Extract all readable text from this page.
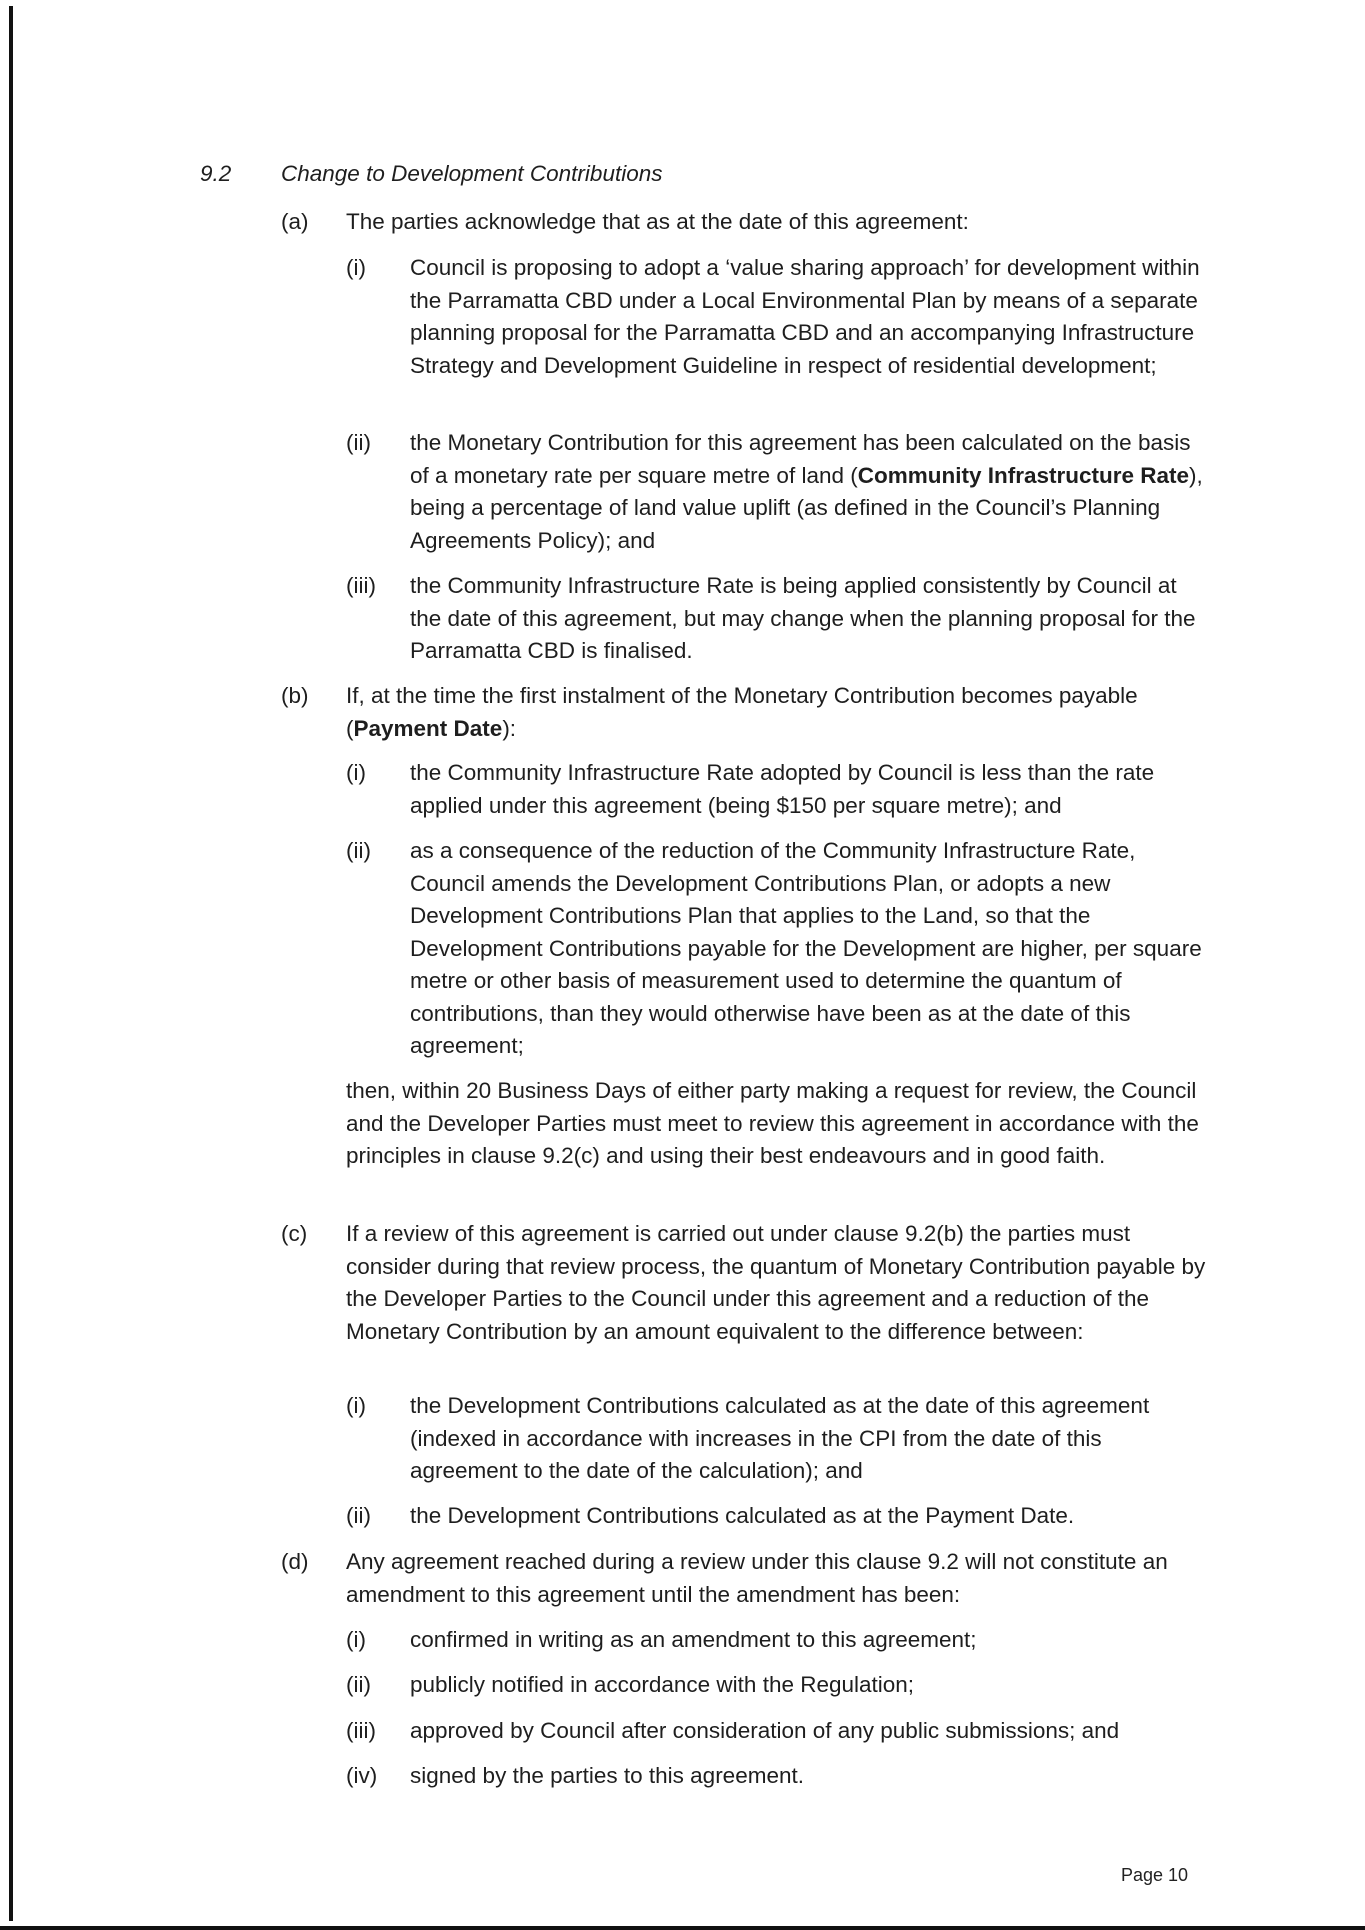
9.2 Change to Development Contributions
(a) The parties acknowledge that as at the date of this agreement:
(i) Council is proposing to adopt a ‘value sharing approach’ for development within the Parramatta CBD under a Local Environmental Plan by means of a separate planning proposal for the Parramatta CBD and an accompanying Infrastructure Strategy and Development Guideline in respect of residential development;
(ii) the Monetary Contribution for this agreement has been calculated on the basis of a monetary rate per square metre of land (Community Infrastructure Rate), being a percentage of land value uplift (as defined in the Council’s Planning Agreements Policy); and
(iii) the Community Infrastructure Rate is being applied consistently by Council at the date of this agreement, but may change when the planning proposal for the Parramatta CBD is finalised.
(b) If, at the time the first instalment of the Monetary Contribution becomes payable (Payment Date):
(i) the Community Infrastructure Rate adopted by Council is less than the rate applied under this agreement (being $150 per square metre); and
(ii) as a consequence of the reduction of the Community Infrastructure Rate, Council amends the Development Contributions Plan, or adopts a new Development Contributions Plan that applies to the Land, so that the Development Contributions payable for the Development are higher, per square metre or other basis of measurement used to determine the quantum of contributions, than they would otherwise have been as at the date of this agreement;
then, within 20 Business Days of either party making a request for review, the Council and the Developer Parties must meet to review this agreement in accordance with the principles in clause 9.2(c) and using their best endeavours and in good faith.
(c) If a review of this agreement is carried out under clause 9.2(b) the parties must consider during that review process, the quantum of Monetary Contribution payable by the Developer Parties to the Council under this agreement and a reduction of the Monetary Contribution by an amount equivalent to the difference between:
(i) the Development Contributions calculated as at the date of this agreement (indexed in accordance with increases in the CPI from the date of this agreement to the date of the calculation); and
(ii) the Development Contributions calculated as at the Payment Date.
(d) Any agreement reached during a review under this clause 9.2 will not constitute an amendment to this agreement until the amendment has been:
(i) confirmed in writing as an amendment to this agreement;
(ii) publicly notified in accordance with the Regulation;
(iii) approved by Council after consideration of any public submissions; and
(iv) signed by the parties to this agreement.
Page 10
